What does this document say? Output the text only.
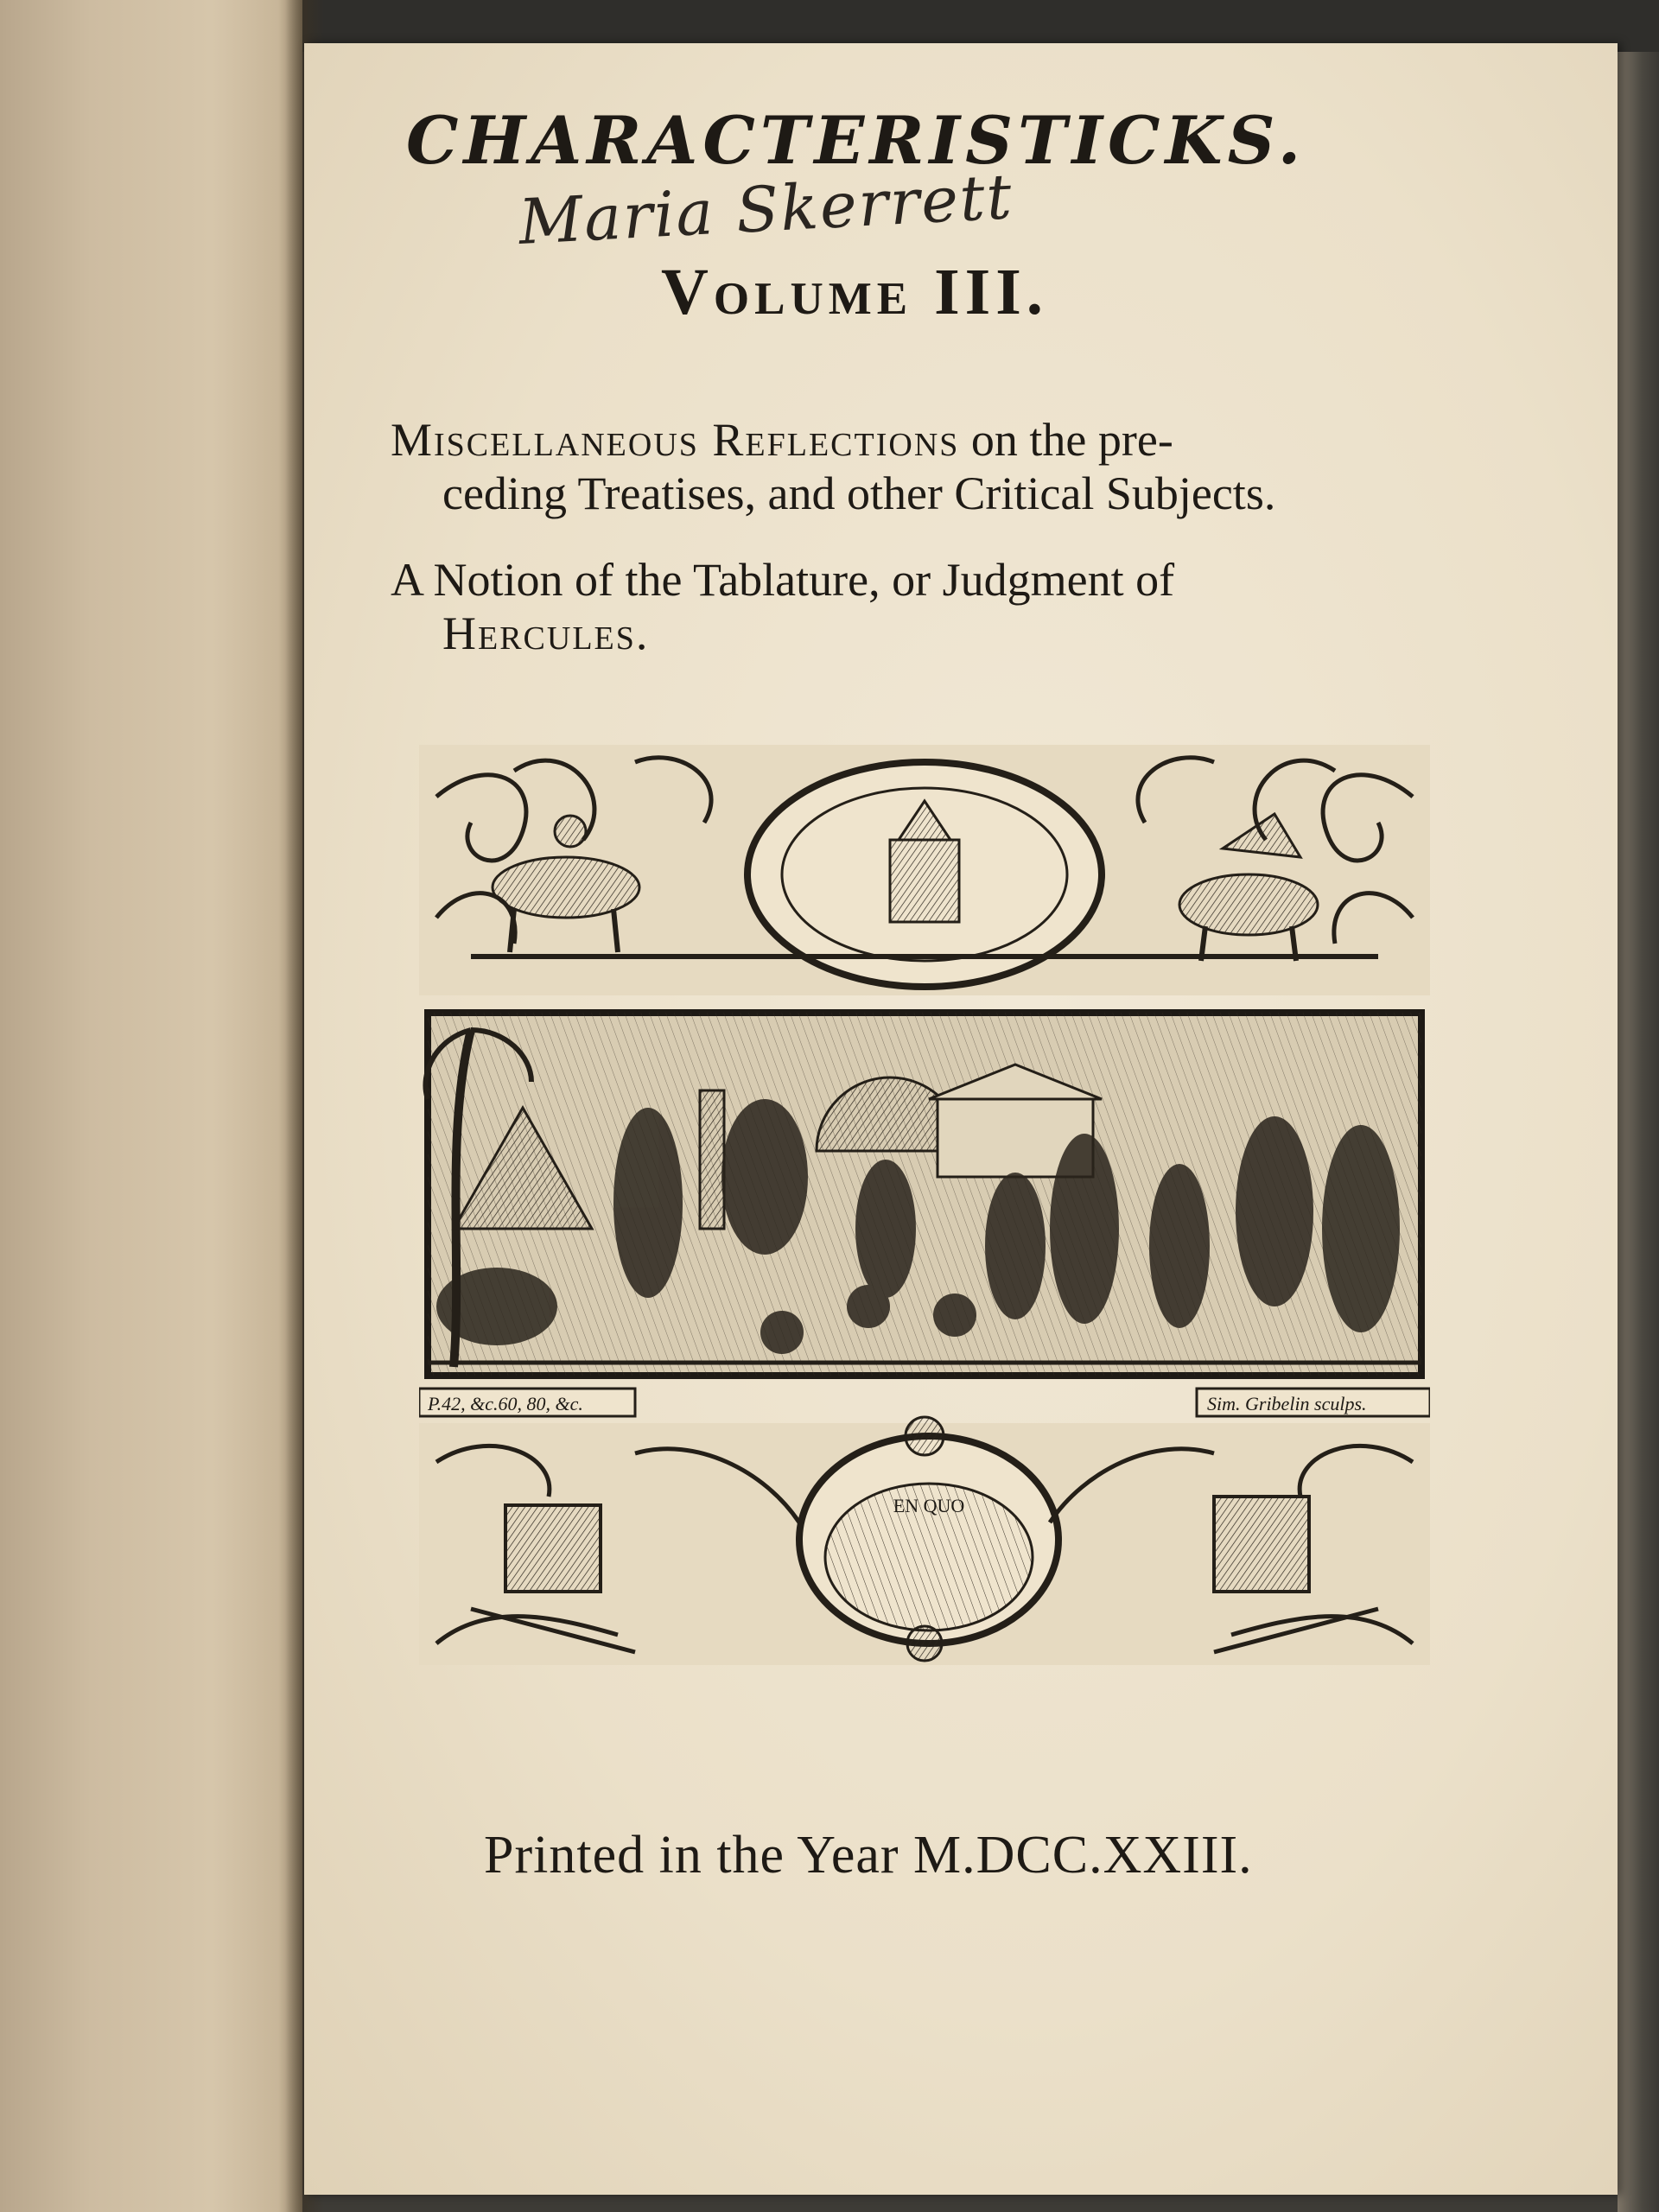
CHARACTERISTICKS.
Maria Skerrett
Volume III.

Miscellaneous Reflections on the pre-
ceding Treatises, and other Critical Subjects.

A Notion of the Tablature, or Judgment of
Hercules.

P.42, &c.60, 80, &c.	Sim. Gribelin sculps.
EN QUO
Printed in the Year M.DCC.XXIII.
